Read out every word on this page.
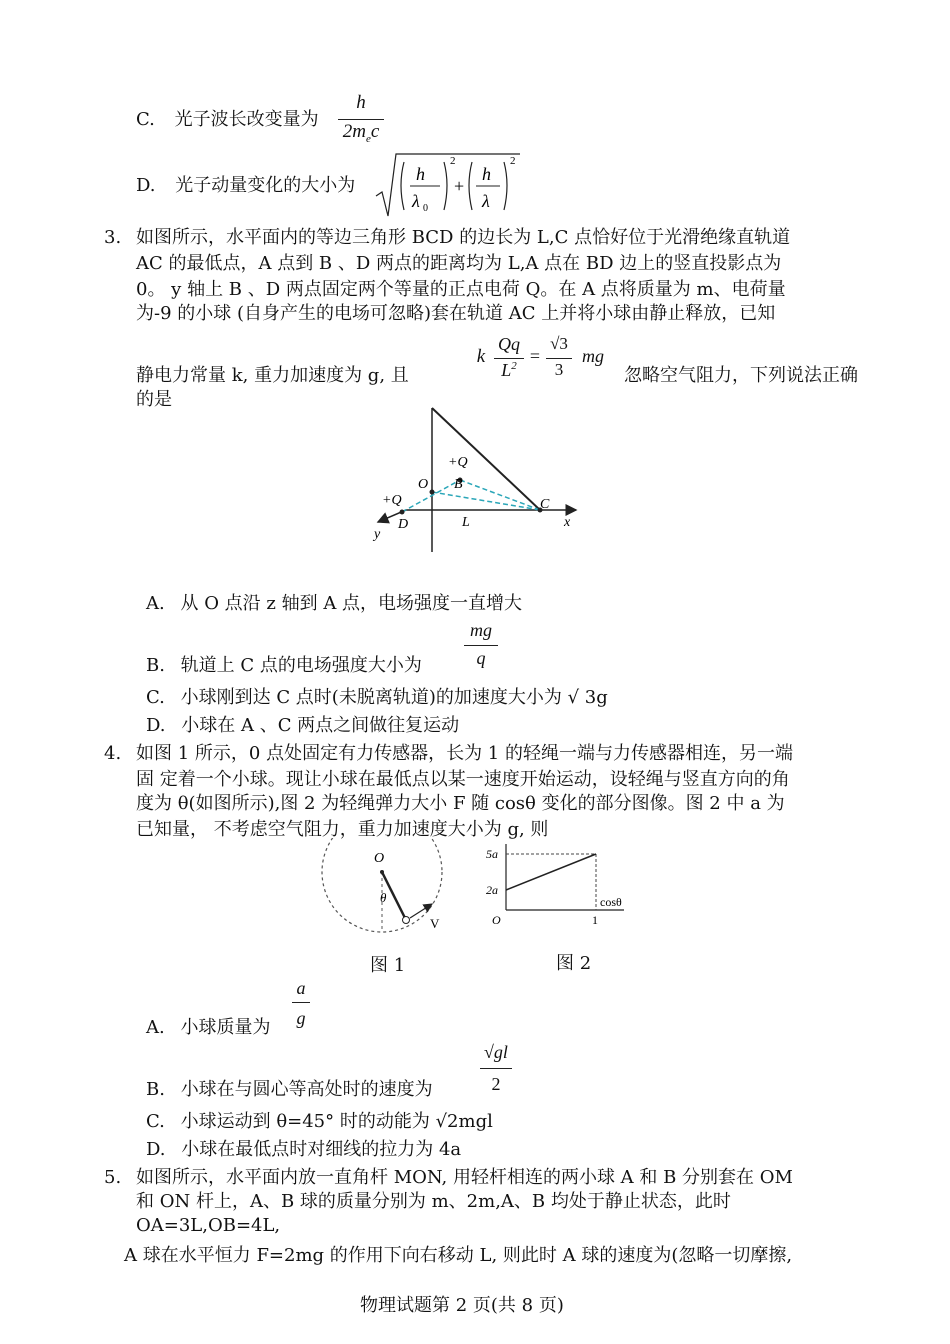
C. 光子波长改变量为
h
$2m_ec$
D. 光子动量变化的大小为
h
λ 0
2
+
h
λ
2
3. 如图所示，水平面内的等边三角形 BCD 的边长为 L,C 点恰好位于光滑绝缘直轨道
AC 的最低点，A 点到 B 、D 两点的距离均为 L,A 点在 BD 边上的竖直投影点为
0。 y 轴上 B 、D 两点固定两个等量的正点电荷 Q。在 A 点将质量为 m、电荷量
为-9 的小球 (自身产生的电场可忽略)套在轨道 AC 上并将小球由静止释放，已知
静电力常量 k, 重力加速度为 g, 且
k
Qq
$L^2$ =
√3
3
mg
忽略空气阻力，下列说法正确
的是
+Q
B
O
+Q
D
C
L	x
y
A. 从 O 点沿 z 轴到 A 点，电场强度一直增大
B. 轨道上 C 点的电场强度大小为
mg
q
C. 小球刚到达 C 点时(未脱离轨道)的加速度大小为 √ 3g
D. 小球在 A 、C 两点之间做往复运动
4. 如图 1 所示，0 点处固定有力传感器，长为 1 的轻绳一端与力传感器相连，另一端
固 定着一个小球。现让小球在最低点以某一速度开始运动，设轻绳与竖直方向的角
度为 θ(如图所示),图 2 为轻绳弹力大小 F 随 cosθ 变化的部分图像。图 2 中 a 为
已知量， 不考虑空气阻力，重力加速度大小为 g, 则
O
θ
V
图 1
5a
2a
O	1
cosθ
图 2
A. 小球质量为
a
g
B. 小球在与圆心等高处时的速度为
√gl
2
C. 小球运动到 θ=45° 时的动能为 √2mgl
D. 小球在最低点时对细线的拉力为 4a
5. 如图所示，水平面内放一直角杆 MON, 用轻杆相连的两小球 A 和 B 分别套在 OM
和 ON 杆上，A、B 球的质量分别为 m、2m,A、B 均处于静止状态，此时
OA=3L,OB=4L,
A 球在水平恒力 F=2mg 的作用下向右移动 L, 则此时 A 球的速度为(忽略一切摩擦,
物理试题第 2 页(共 8 页)
